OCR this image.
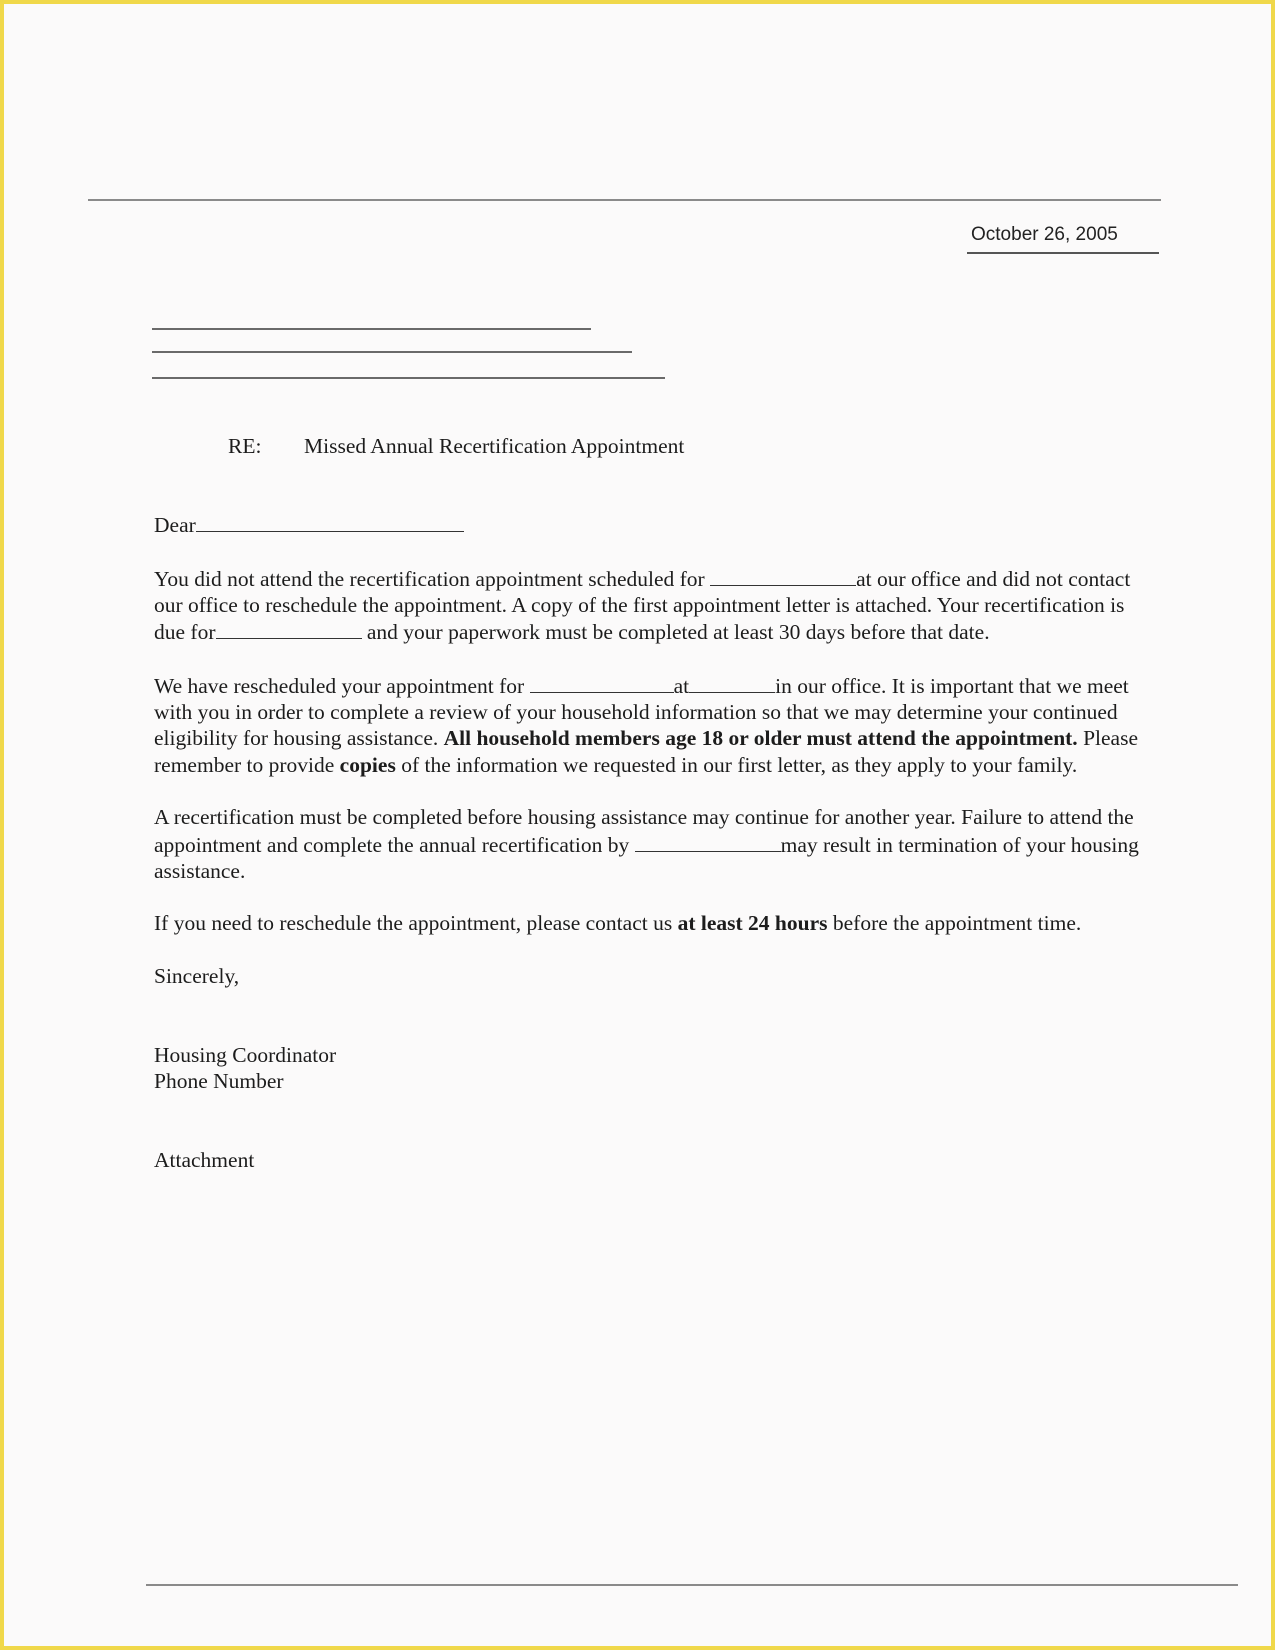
October 26, 2005
RE: Missed Annual Recertification Appointment

Dear

You did not attend the recertification appointment scheduled for	at our office and did not contact our office to reschedule the appointment. A copy of the first appointment letter is attached. Your recertification is due for	and your paperwork must be completed at least 30 days before that date.

We have rescheduled your appointment for	at	in our office. It is important that we meet with you in order to complete a review of your household information so that we may determine your continued eligibility for housing assistance. All household members age 18 or older must attend the appointment. Please remember to provide copies of the information we requested in our first letter, as they apply to your family.

A recertification must be completed before housing assistance may continue for another year. Failure to attend the appointment and complete the annual recertification by	may result in termination of your housing assistance.

If you need to reschedule the appointment, please contact us at least 24 hours before the appointment time.

Sincerely,

Housing Coordinator

Phone Number

Attachment
